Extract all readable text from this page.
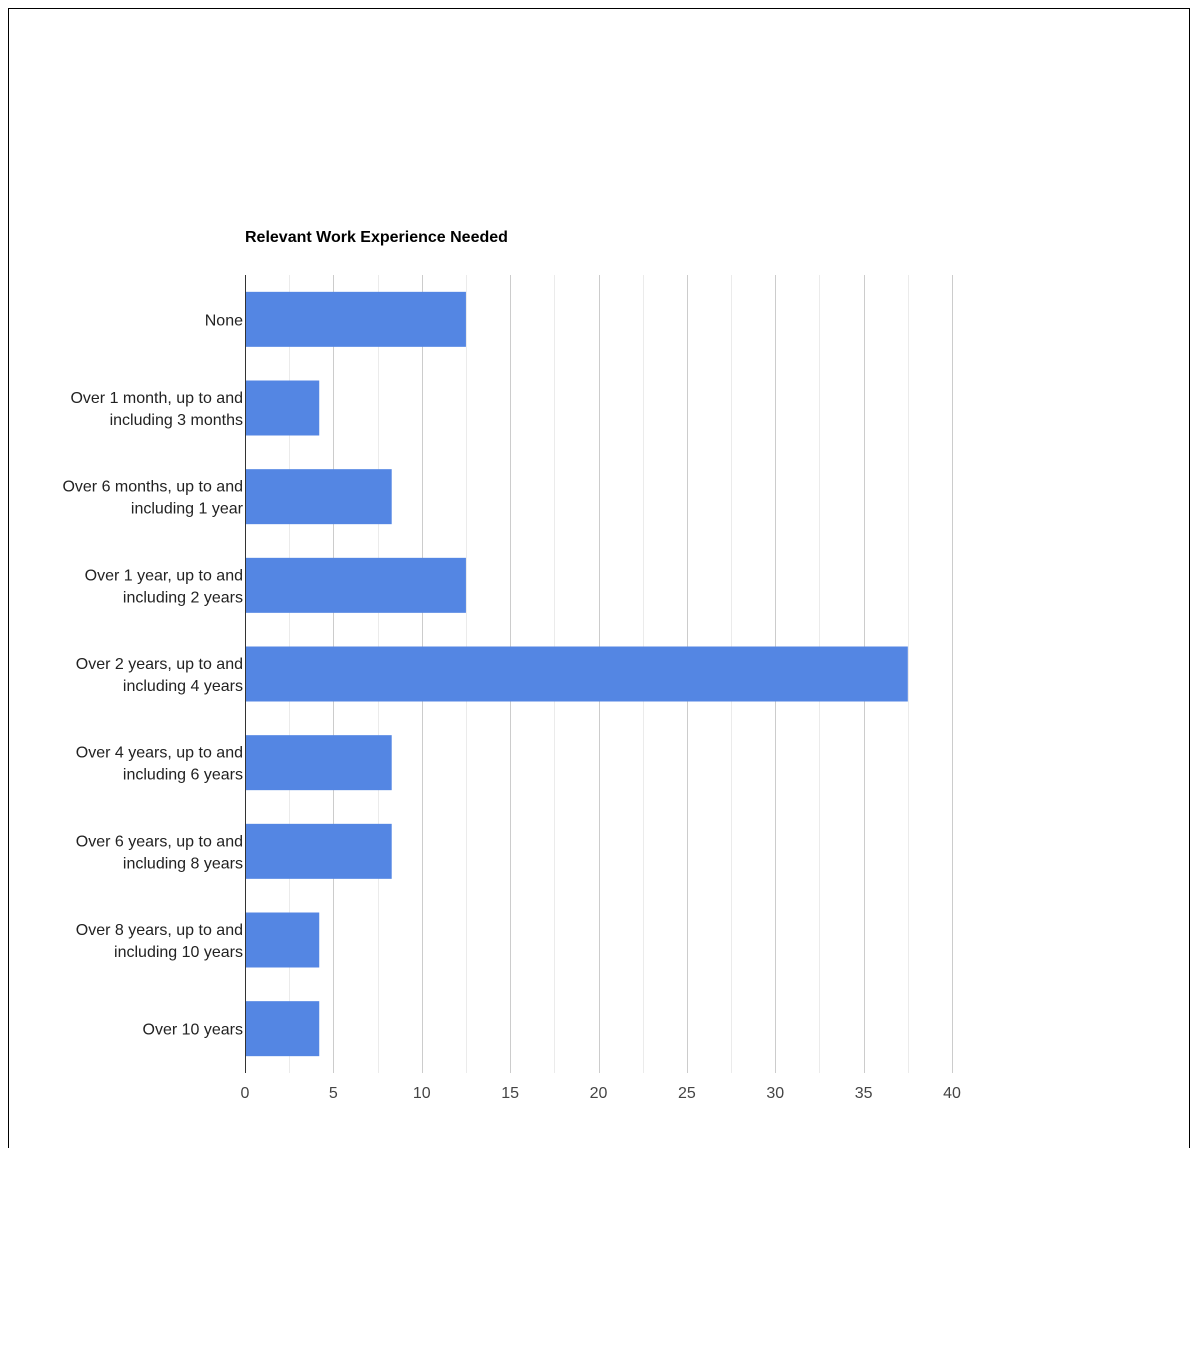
Relevant Work Experience Needed
None
Over 1 month, up to and including 3 months
Over 6 months, up to and including 1 year
Over 1 year, up to and including 2 years
Over 2 years, up to and including 4 years
Over 4 years, up to and including 6 years
Over 6 years, up to and including 8 years
Over 8 years, up to and including 10 years
Over 10 years
0	5	10	15	20	25	30	35	40
